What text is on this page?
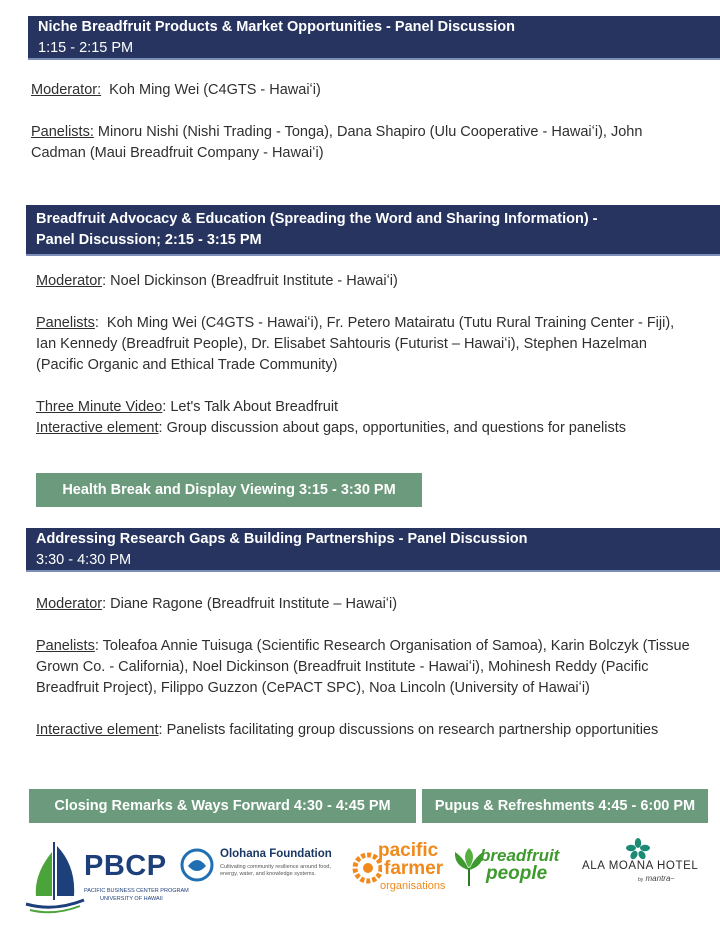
Niche Breadfruit Products & Market Opportunities - Panel Discussion
1:15 - 2:15 PM
Moderator:  Koh Ming Wei (C4GTS - Hawaiʻi)
Panelists: Minoru Nishi (Nishi Trading - Tonga), Dana Shapiro (Ulu Cooperative - Hawaiʻi), John Cadman (Maui Breadfruit Company - Hawaiʻi)
Breadfruit Advocacy & Education (Spreading the Word and Sharing Information) -
Panel Discussion; 2:15 - 3:15 PM
Moderator: Noel Dickinson (Breadfruit Institute - Hawaiʻi)
Panelists:  Koh Ming Wei (C4GTS - Hawaiʻi), Fr. Petero Matairatu (Tutu Rural Training Center - Fiji), Ian Kennedy (Breadfruit People), Dr. Elisabet Sahtouris (Futurist – Hawaiʻi), Stephen Hazelman (Pacific Organic and Ethical Trade Community)
Three Minute Video: Let's Talk About Breadfruit
Interactive element: Group discussion about gaps, opportunities, and questions for panelists
Health Break and Display Viewing 3:15 - 3:30 PM
Addressing Research Gaps & Building Partnerships - Panel Discussion
3:30 - 4:30 PM
Moderator: Diane Ragone (Breadfruit Institute – Hawaiʻi)
Panelists: Toleafoa Annie Tuisuga (Scientific Research Organisation of Samoa), Karin Bolczyk (Tissue Grown Co. - California), Noel Dickinson (Breadfruit Institute - Hawaiʻi), Mohinesh Reddy (Pacific Breadfruit Project), Filippo Guzzon (CePACT SPC), Noa Lincoln (University of Hawaiʻi)
Interactive element: Panelists facilitating group discussions on research partnership opportunities
Closing Remarks & Ways Forward 4:30 - 4:45 PM	Pupus & Refreshments 4:45 - 6:00 PM
PBCP
PACIFIC BUSINESS CENTER PROGRAM
UNIVERSITY OF HAWAII
Olohana Foundation
Cultivating community resilience around food,
energy, water, and knowledge systems.
pacific
farmer
organisations
breadfruit
people	ALA MOANA HOTEL
by mantra~
